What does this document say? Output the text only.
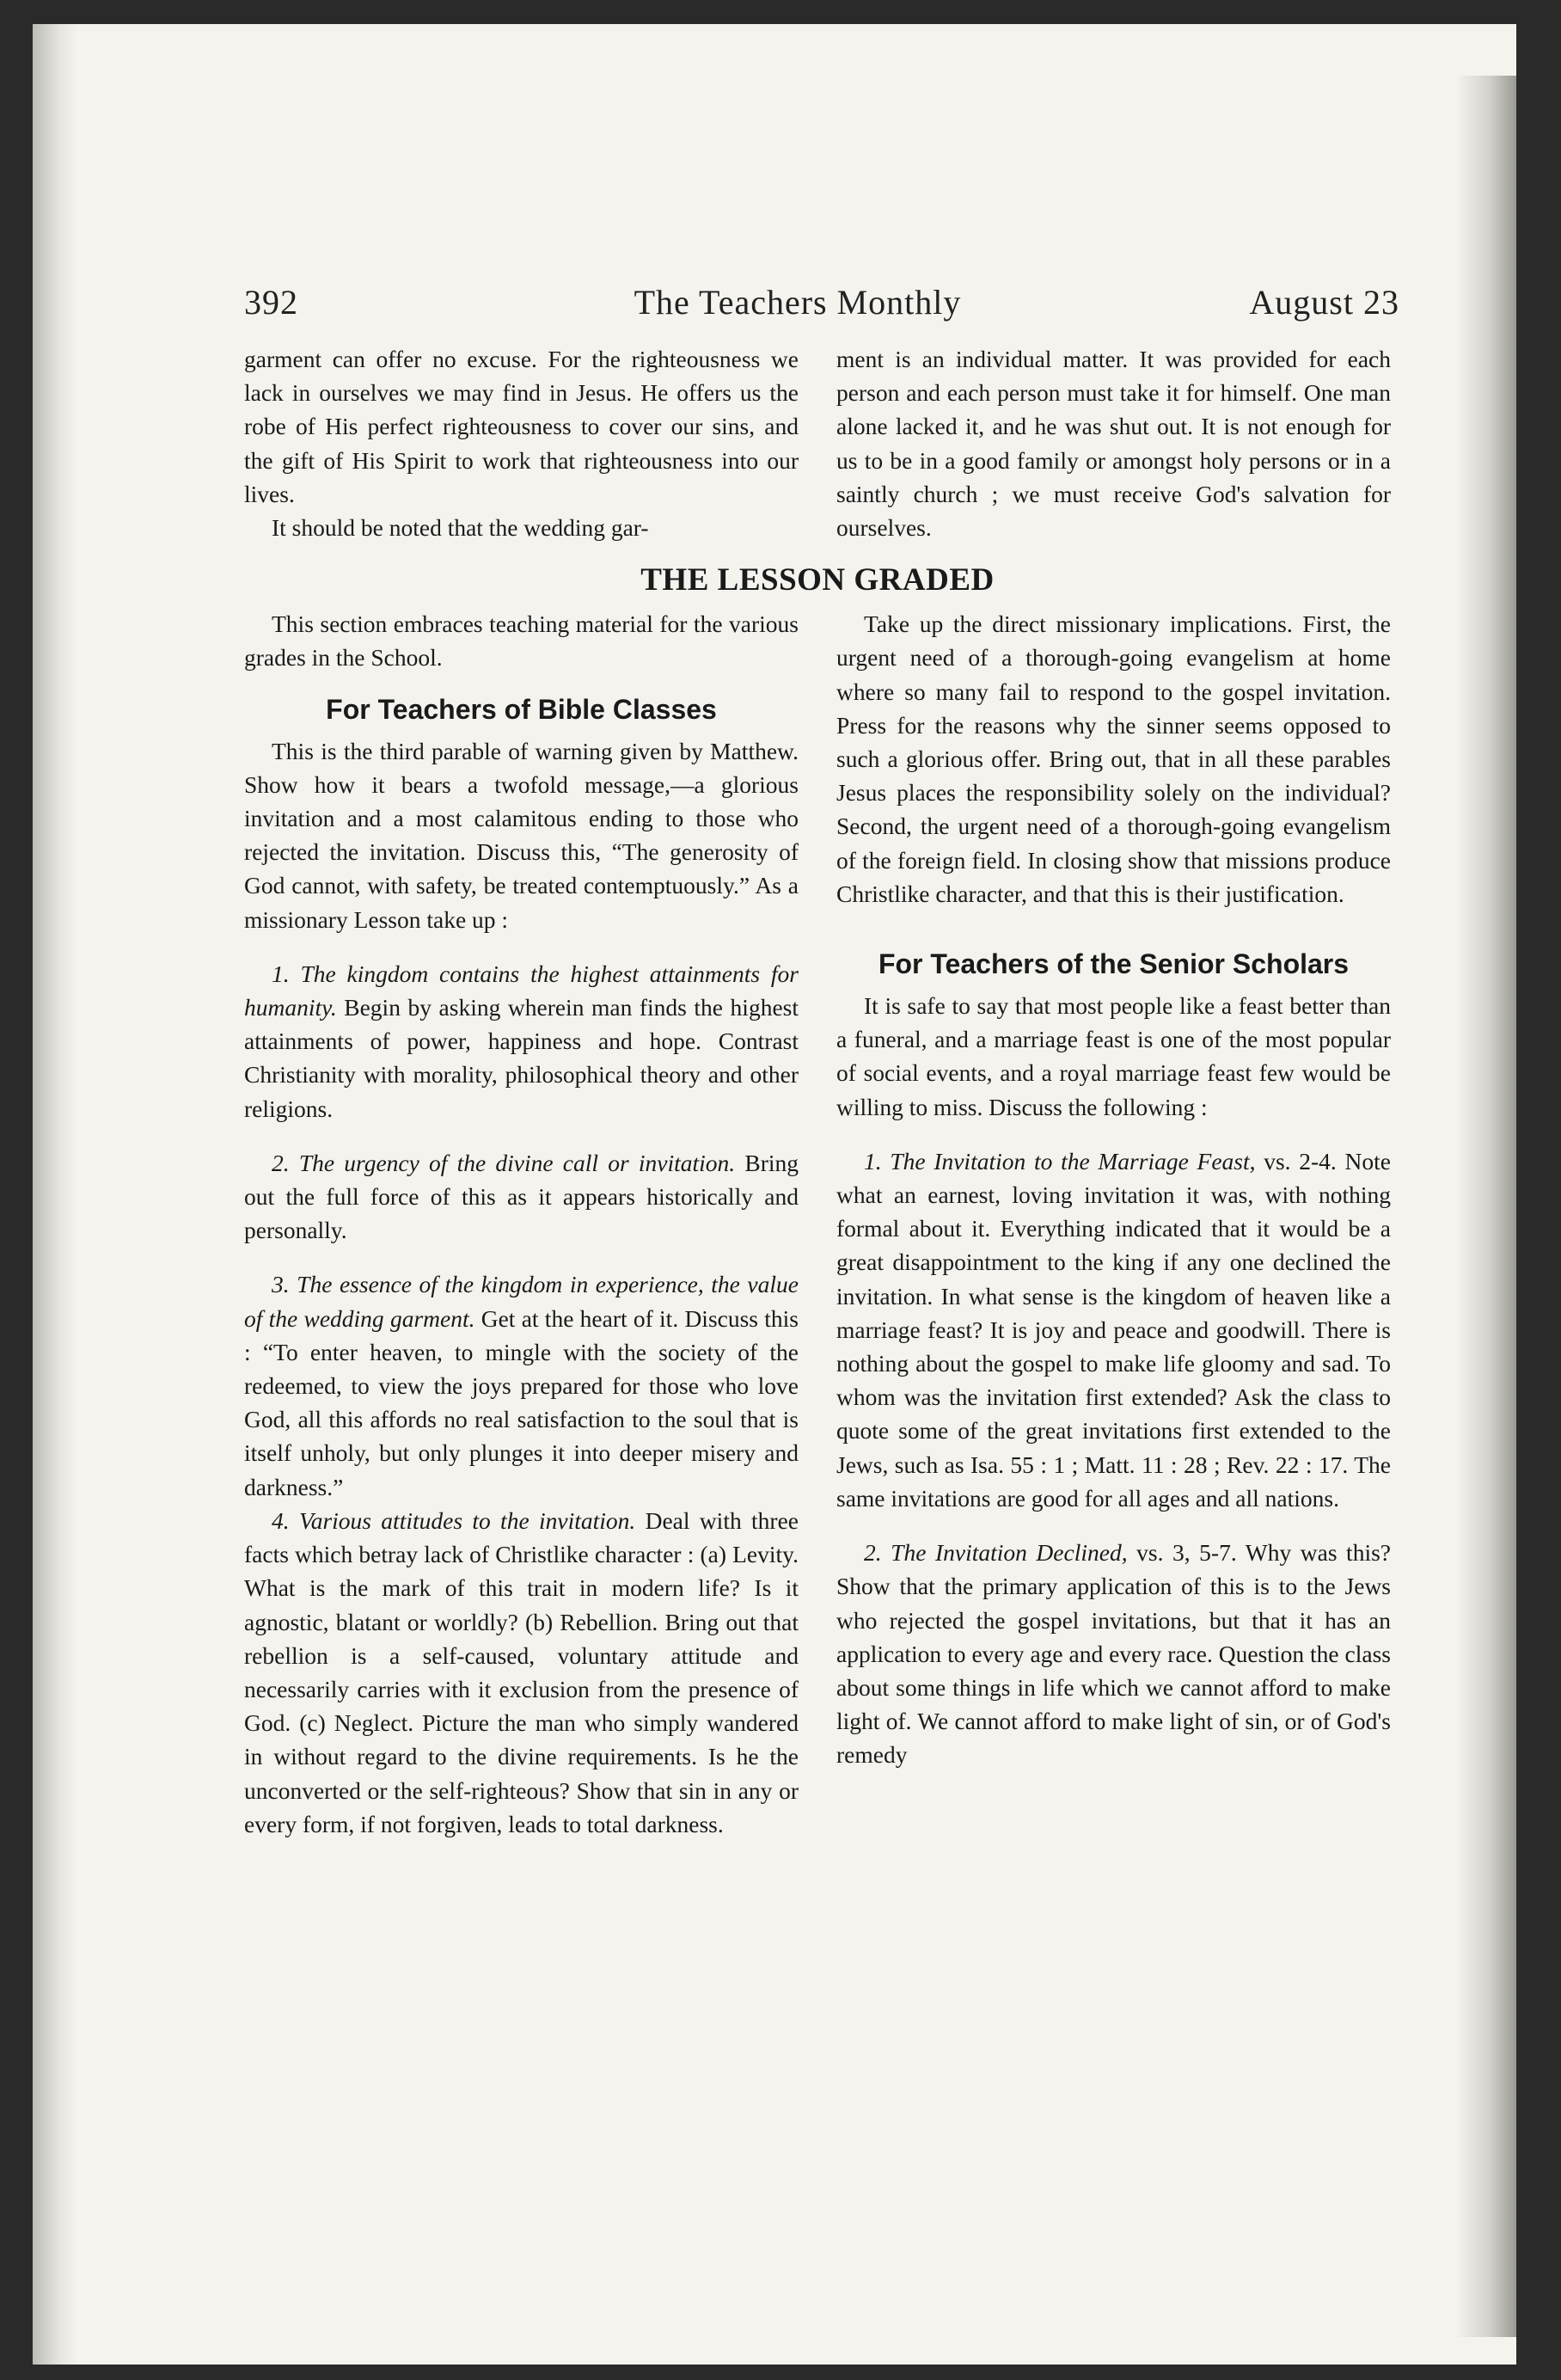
392	The Teachers Monthly	August 23

garment can offer no excuse. For the righteousness we lack in ourselves we may find in Jesus. He offers us the robe of His perfect righteousness to cover our sins, and the gift of His Spirit to work that righteousness into our lives.

It should be noted that the wedding gar-

ment is an individual matter. It was provided for each person and each person must take it for himself. One man alone lacked it, and he was shut out. It is not enough for us to be in a good family or amongst holy persons or in a saintly church ; we must receive God's salvation for ourselves.

THE LESSON GRADED

This section embraces teaching material for the various grades in the School.

For Teachers of Bible Classes

This is the third parable of warning given by Matthew. Show how it bears a twofold message,—a glorious invitation and a most calamitous ending to those who rejected the invitation. Discuss this, “The generosity of God cannot, with safety, be treated contemptuously.” As a missionary Lesson take up :

1. The kingdom contains the highest attainments for humanity. Begin by asking wherein man finds the highest attainments of power, happiness and hope. Contrast Christianity with morality, philosophical theory and other religions.

2. The urgency of the divine call or invitation. Bring out the full force of this as it appears historically and personally.

3. The essence of the kingdom in experience, the value of the wedding garment. Get at the heart of it. Discuss this : “To enter heaven, to mingle with the society of the redeemed, to view the joys prepared for those who love God, all this affords no real satisfaction to the soul that is itself unholy, but only plunges it into deeper misery and darkness.”

4. Various attitudes to the invitation. Deal with three facts which betray lack of Christlike character : (a) Levity. What is the mark of this trait in modern life? Is it agnostic, blatant or worldly? (b) Rebellion. Bring out that rebellion is a self-caused, voluntary attitude and necessarily carries with it exclusion from the presence of God. (c) Neglect. Picture the man who simply wandered in without regard to the divine requirements. Is he the unconverted or the self-righteous? Show that sin in any or every form, if not forgiven, leads to total darkness.

Take up the direct missionary implications. First, the urgent need of a thorough-going evangelism at home where so many fail to respond to the gospel invitation. Press for the reasons why the sinner seems opposed to such a glorious offer. Bring out, that in all these parables Jesus places the responsibility solely on the individual? Second, the urgent need of a thorough-going evangelism of the foreign field. In closing show that missions produce Christlike character, and that this is their justification.

For Teachers of the Senior Scholars

It is safe to say that most people like a feast better than a funeral, and a marriage feast is one of the most popular of social events, and a royal marriage feast few would be willing to miss. Discuss the following :

1. The Invitation to the Marriage Feast, vs. 2-4. Note what an earnest, loving invitation it was, with nothing formal about it. Everything indicated that it would be a great disappointment to the king if any one declined the invitation. In what sense is the kingdom of heaven like a marriage feast? It is joy and peace and goodwill. There is nothing about the gospel to make life gloomy and sad. To whom was the invitation first extended? Ask the class to quote some of the great invitations first extended to the Jews, such as Isa. 55 : 1 ; Matt. 11 : 28 ; Rev. 22 : 17. The same invitations are good for all ages and all nations.

2. The Invitation Declined, vs. 3, 5-7. Why was this? Show that the primary application of this is to the Jews who rejected the gospel invitations, but that it has an application to every age and every race. Question the class about some things in life which we cannot afford to make light of. We cannot afford to make light of sin, or of God's remedy
